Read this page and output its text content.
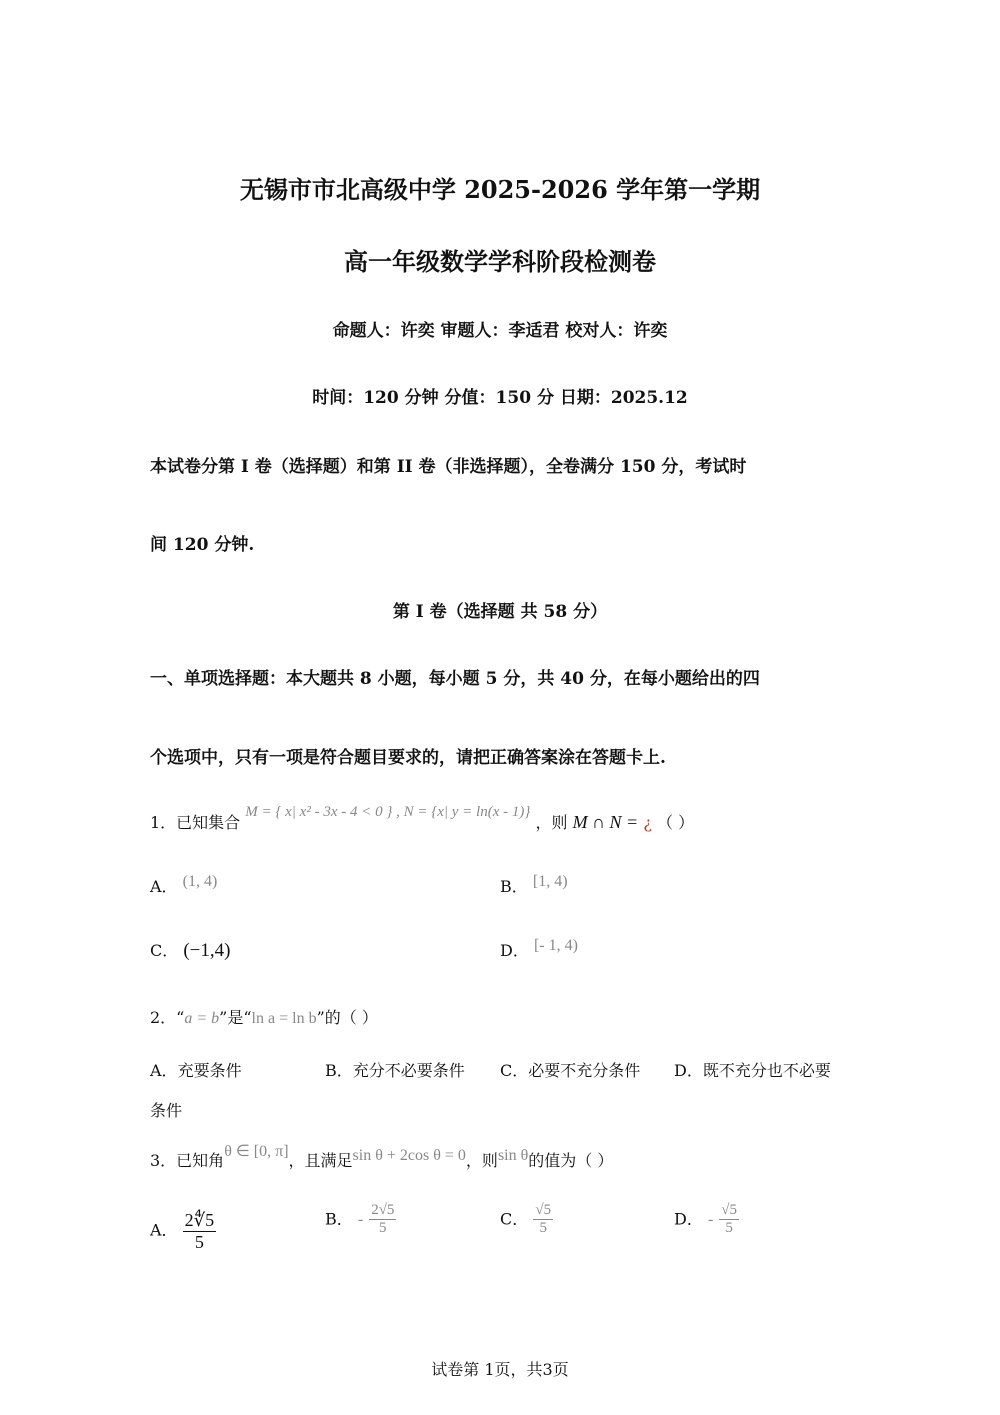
无锡市市北高级中学 2025-2026 学年第一学期
高一年级数学学科阶段检测卷
命题人：许奕 审题人：李适君 校对人：许奕
时间：120 分钟 分值：150 分 日期：2025.12
本试卷分第 I 卷（选择题）和第 II 卷（非选择题），全卷满分 150 分，考试时
间 120 分钟.
第 I 卷（选择题 共 58 分）
一、单项选择题：本大题共 8 小题，每小题 5 分，共 40 分，在每小题给出的四
个选项中，只有一项是符合题目要求的，请把正确答案涂在答题卡上.
1．已知集合 M = { x| x² - 3x - 4 < 0 } , N = {x| y = ln(x - 1)} ，则 M ∩ N = ¿ （ ）
A． (1, 4)	B． [1, 4)
C． (−1,4)	D． [- 1, 4)
2．“a = b”是“ln a = ln b”的（ ）
A．充要条件	B．充分不必要条件 C．必要不充分条件 D．既不充分也不必要
条件
3．已知角θ ∈ [0, π]，且满足sin θ + 2cos θ = 0，则sin θ的值为（ ）
A． $\frac{2∜5}{5}$	B． - $\frac{2√5}{5}$	C． $\frac{√5}{5}$	D． - $\frac{√5}{5}$
试卷第 1页，共3页
